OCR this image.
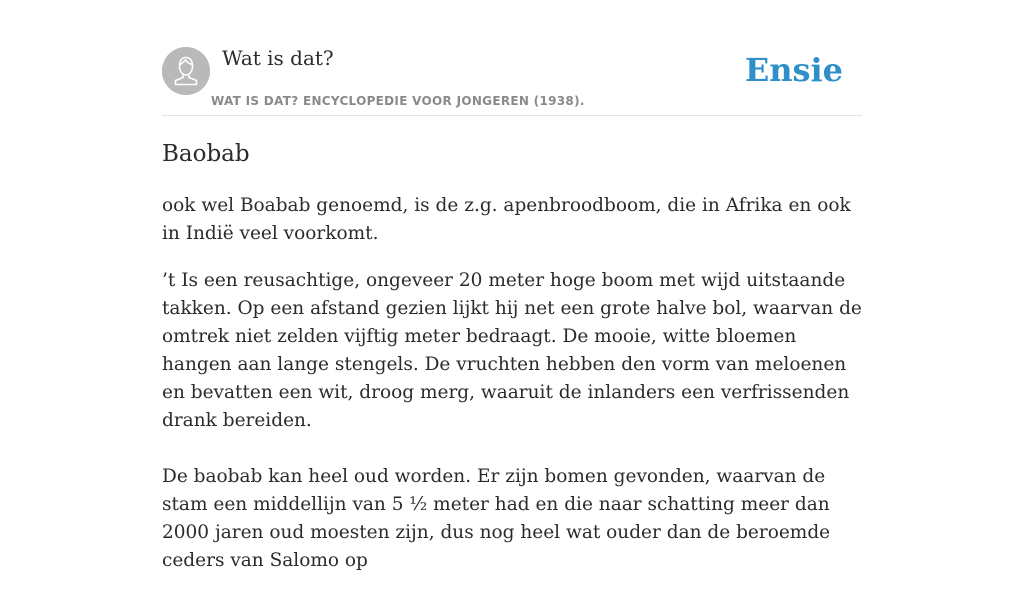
Wat is dat?
WAT IS DAT? ENCYCLOPEDIE VOOR JONGEREN (1938).
Ensie
Baobab

ook wel Boabab genoemd, is de z.g. apenbroodboom, die in Afrika en ook in Indië veel voorkomt.

’t Is een reusachtige, ongeveer 20 meter hoge boom met wijd uitstaande takken. Op een afstand gezien lijkt hij net een grote halve bol, waarvan de omtrek niet zelden vijftig meter bedraagt. De mooie, witte bloemen hangen aan lange stengels. De vruchten hebben den vorm van meloenen en bevatten een wit, droog merg, waaruit de inlanders een verfrissenden drank bereiden.

De baobab kan heel oud worden. Er zijn bomen gevonden, waarvan de stam een middellijn van 5 ½ meter had en die naar schatting meer dan 2000 jaren oud moesten zijn, dus nog heel wat ouder dan de beroemde ceders van Salomo op
